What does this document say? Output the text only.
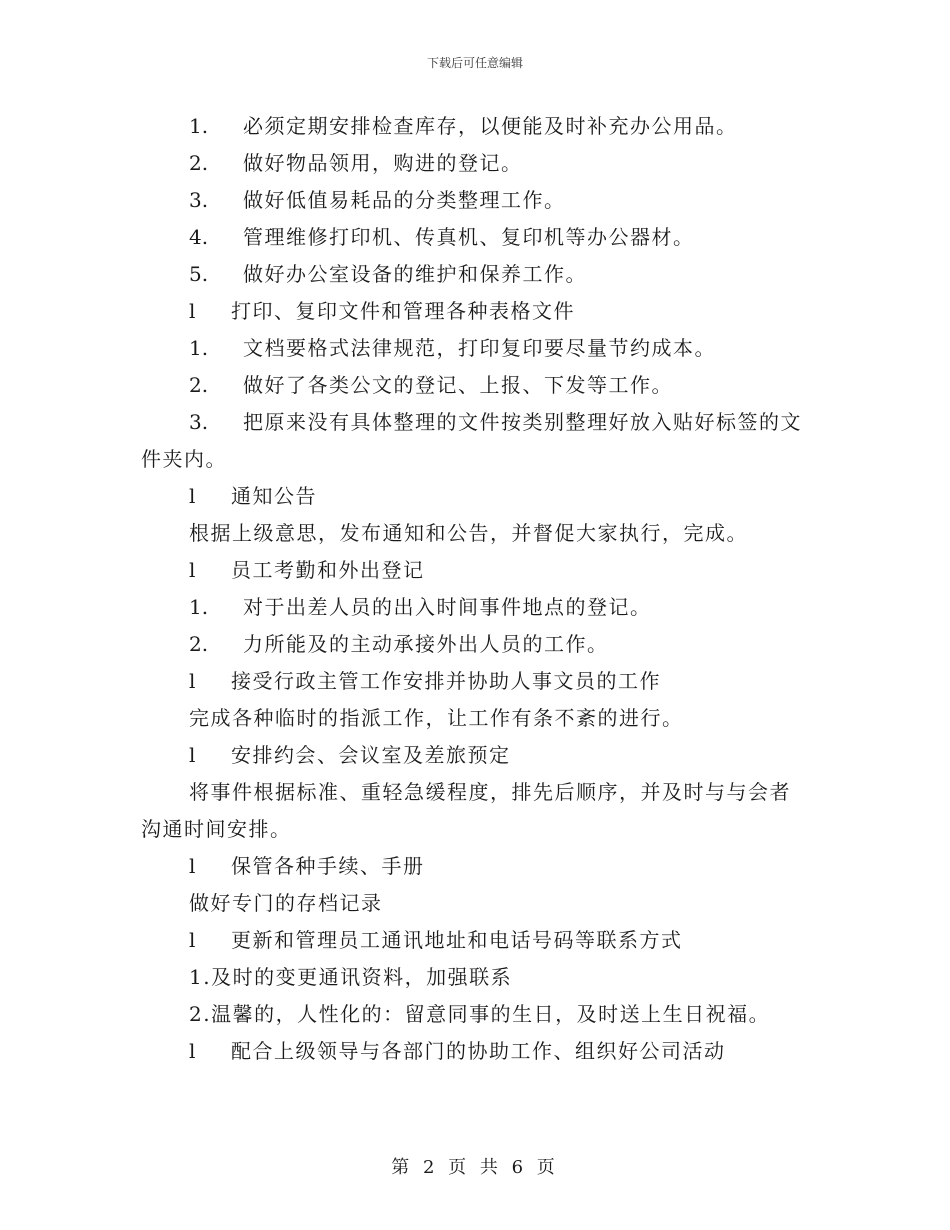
下载后可任意编辑
1. 必须定期安排检查库存，以便能及时补充办公用品。
2. 做好物品领用，购进的登记。
3. 做好低值易耗品的分类整理工作。
4. 管理维修打印机、传真机、复印机等办公器材。
5. 做好办公室设备的维护和保养工作。
l 打印、复印文件和管理各种表格文件
1. 文档要格式法律规范，打印复印要尽量节约成本。
2. 做好了各类公文的登记、上报、下发等工作。
3. 把原来没有具体整理的文件按类别整理好放入贴好标签的文
件夹内。
l 通知公告
根据上级意思，发布通知和公告，并督促大家执行，完成。
l 员工考勤和外出登记
1. 对于出差人员的出入时间事件地点的登记。
2. 力所能及的主动承接外出人员的工作。
l 接受行政主管工作安排并协助人事文员的工作
完成各种临时的指派工作，让工作有条不紊的进行。
l 安排约会、会议室及差旅预定
将事件根据标准、重轻急缓程度，排先后顺序，并及时与与会者
沟通时间安排。
l 保管各种手续、手册
做好专门的存档记录
l 更新和管理员工通讯地址和电话号码等联系方式
1.及时的变更通讯资料，加强联系
2.温馨的，人性化的：留意同事的生日，及时送上生日祝福。
l 配合上级领导与各部门的协助工作、组织好公司活动
第 2 页 共 6 页
